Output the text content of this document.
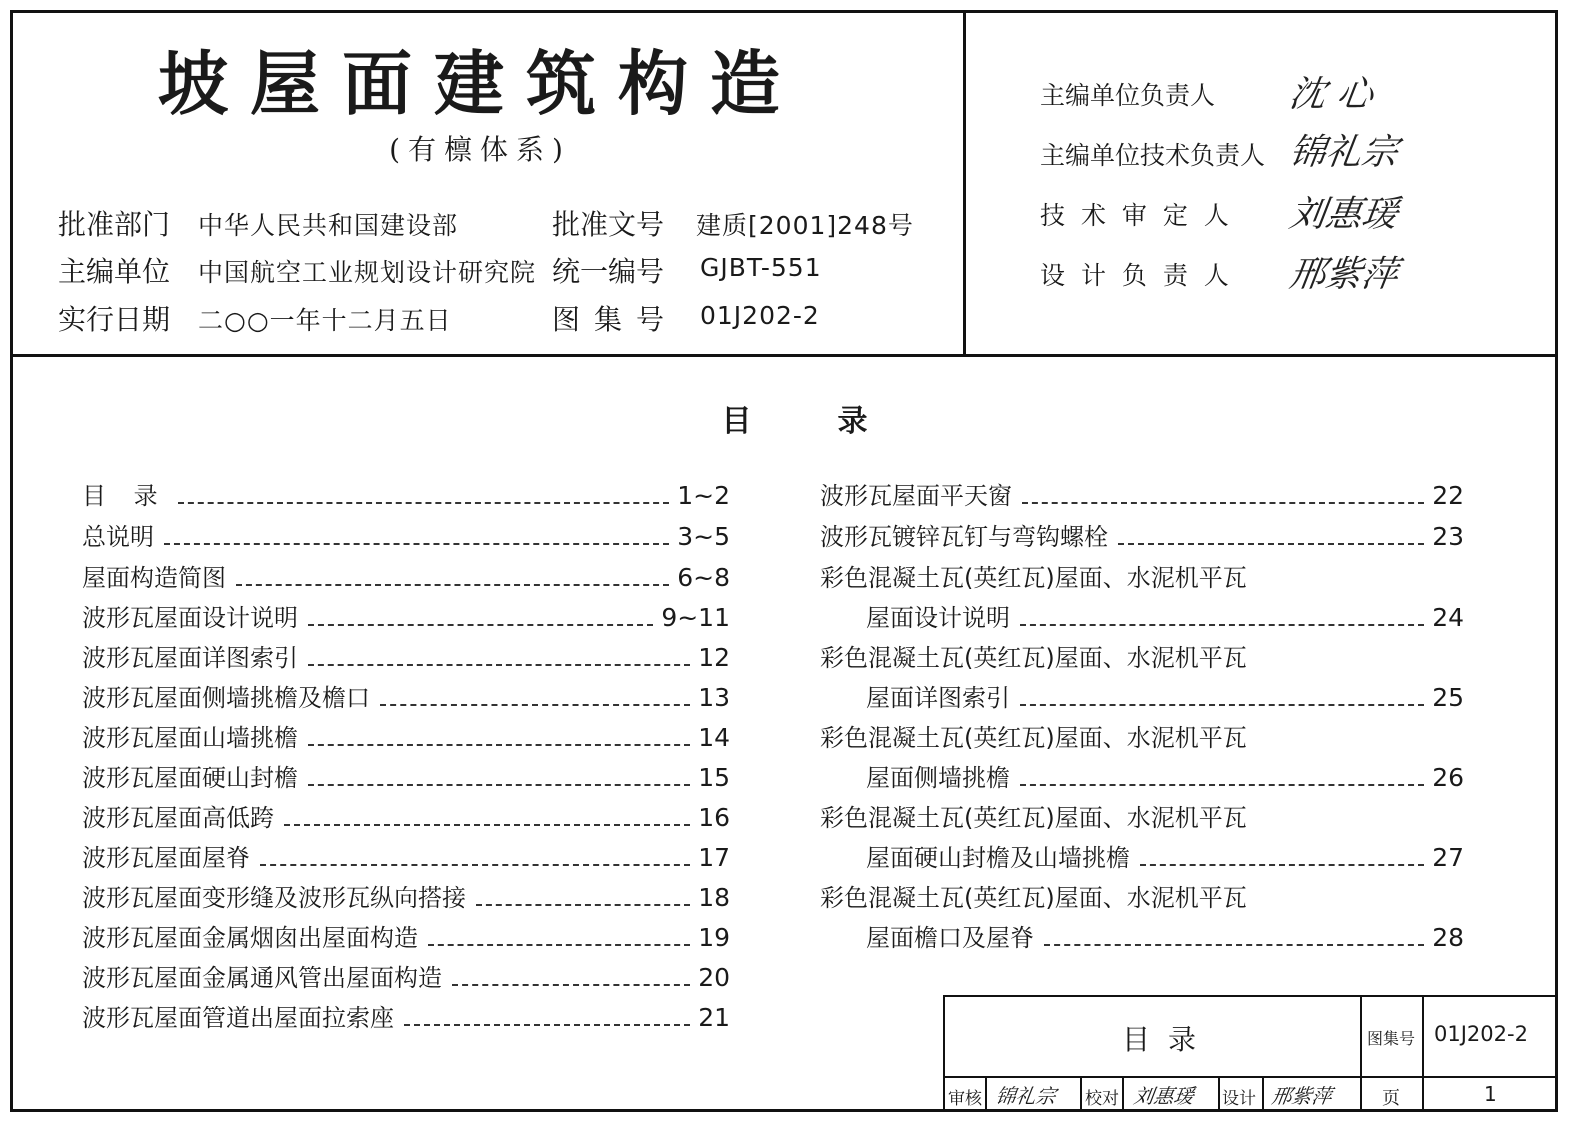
坡屋面建筑构造
(有檩体系)
批准部门 中华人民共和国建设部	批准文号 建质[2001]248号
主编单位 中国航空工业规划设计研究院 统一编号 GJBT-551
实行日期 二○○一年十二月五日	图集号 01J202-2
主编单位负责人 沈 心
主编单位技术负责人 锦礼宗
技 术 审 定 人 刘惠瑗
设 计 负 责 人 邢紫萍
目录
目 录	1~2
总说明	3~5
屋面构造简图	6~8
波形瓦屋面设计说明	9~11
波形瓦屋面详图索引	12
波形瓦屋面侧墙挑檐及檐口	13
波形瓦屋面山墙挑檐	14
波形瓦屋面硬山封檐	15
波形瓦屋面高低跨	16
波形瓦屋面屋脊	17
波形瓦屋面变形缝及波形瓦纵向搭接	18
波形瓦屋面金属烟囱出屋面构造	19
波形瓦屋面金属通风管出屋面构造	20
波形瓦屋面管道出屋面拉索座	21
波形瓦屋面平天窗	22
波形瓦镀锌瓦钉与弯钩螺栓	23
彩色混凝土瓦(英红瓦)屋面、水泥机平瓦
屋面设计说明	24
彩色混凝土瓦(英红瓦)屋面、水泥机平瓦
屋面详图索引	25
彩色混凝土瓦(英红瓦)屋面、水泥机平瓦
屋面侧墙挑檐	26
彩色混凝土瓦(英红瓦)屋面、水泥机平瓦
屋面硬山封檐及山墙挑檐	27
彩色混凝土瓦(英红瓦)屋面、水泥机平瓦
屋面檐口及屋脊	28
目录	图集号 01J202-2
审核 锦礼宗 校对 刘惠瑗 设计 邢紫萍	页	1
